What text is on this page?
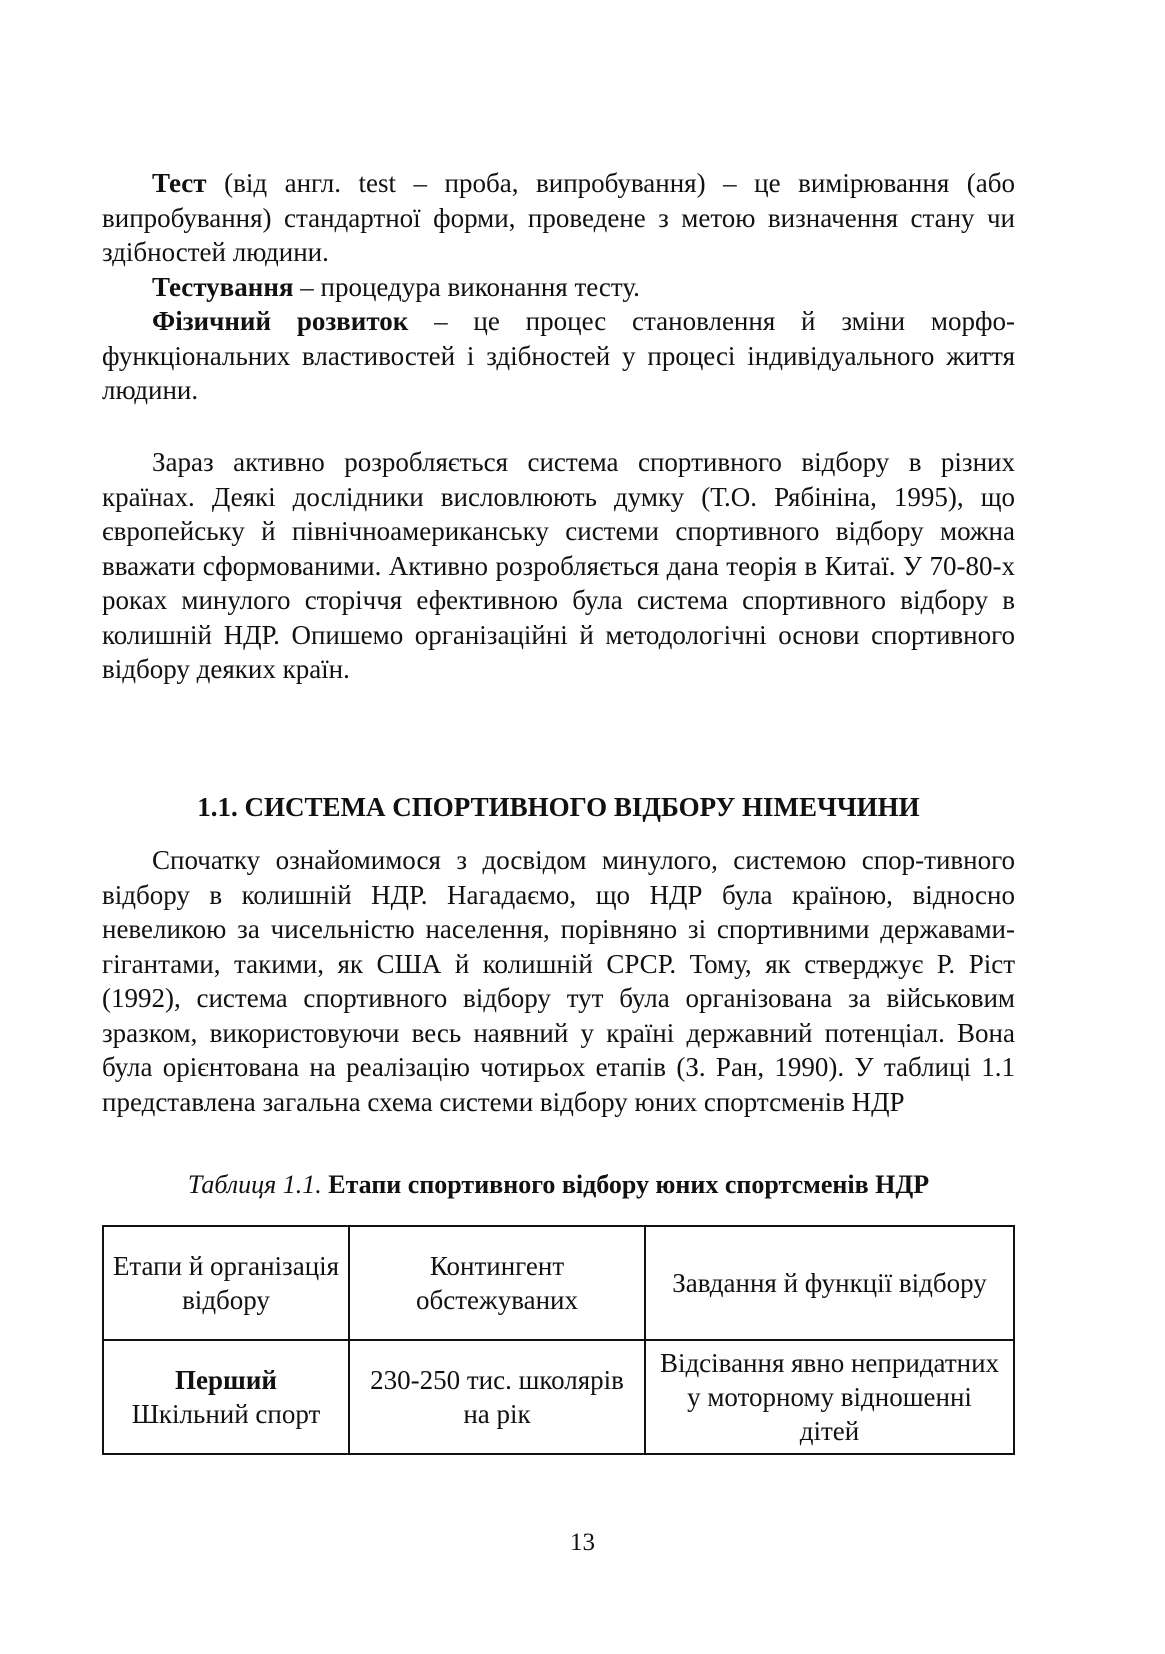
Тест (від англ. test – проба, випробування) – це вимірювання (або випробування) стандартної форми, проведене з метою визначення стану чи здібностей людини.

Тестування – процедура виконання тесту.

Фізичний розвиток – це процес становлення й зміни морфо-функціональних властивостей і здібностей у процесі індивідуального життя людини.

Зараз активно розробляється система спортивного відбору в різних країнах. Деякі дослідники висловлюють думку (Т.О. Рябініна, 1995), що європейську й північноамериканську системи спортивного відбору можна вважати сформованими. Активно розробляється дана теорія в Китаї. У 70-80-х роках минулого сторіччя ефективною була система спортивного відбору в колишній НДР. Опишемо організаційні й методологічні основи спортивного відбору деяких країн.

1.1. СИСТЕМА СПОРТИВНОГО ВІДБОРУ НІМЕЧЧИНИ

Спочатку ознайомимося з досвідом минулого, системою спор-тивного відбору в колишній НДР. Нагадаємо, що НДР була країною, відносно невеликою за чисельністю населення, порівняно зі спортивними державами-гігантами, такими, як США й колишній СРСР. Тому, як стверджує Р. Ріст (1992), система спортивного відбору тут була організована за військовим зразком, використовуючи весь наявний у країні державний потенціал. Вона була орієнтована на реалізацію чотирьох етапів (З. Ран, 1990). У таблиці 1.1 представлена загальна схема системи відбору юних спортсменів НДР

Таблиця 1.1. Етапи спортивного відбору юних спортсменів НДР
Етапи й організація відбору	Контингент обстежуваних	Завдання й функції відбору

Перший
Шкільний спорт	230-250 тис. школярів на рік	Відсівання явно непридатних у моторному відношенні дітей
13
